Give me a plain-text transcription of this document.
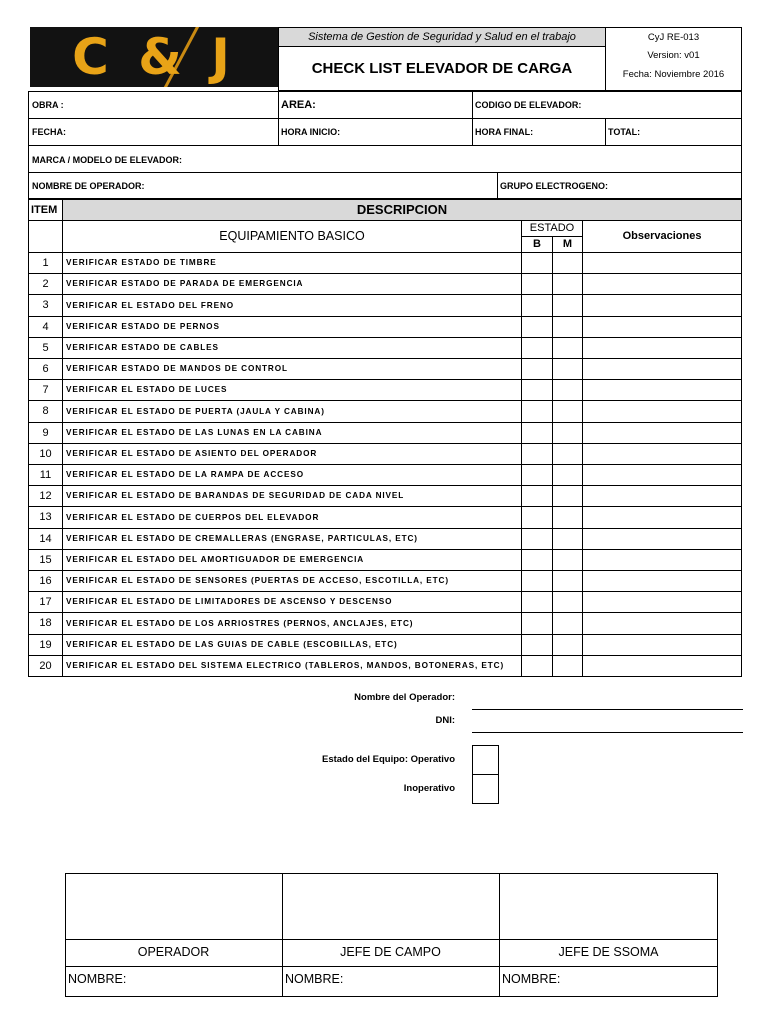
C & J	Sistema de Gestion de Seguridad y Salud en el trabajo
CHECK LIST ELEVADOR DE CARGA
CyJ RE-013
Version: v01
Fecha: Noviembre 2016
OBRA :	AREA:	CODIGO DE ELEVADOR:
FECHA:	HORA INICIO:	HORA FINAL:	TOTAL:
MARCA / MODELO DE ELEVADOR:
NOMBRE DE OPERADOR:	GRUPO ELECTROGENO:
ITEM	DESCRIPCION
EQUIPAMIENTO BASICO
ESTADO
B	M
Observaciones
1	VERIFICAR ESTADO DE TIMBRE
2	VERIFICAR ESTADO DE PARADA DE EMERGENCIA
3	VERIFICAR EL ESTADO DEL FRENO
4	VERIFICAR ESTADO DE PERNOS
5	VERIFICAR ESTADO DE CABLES
6	VERIFICAR ESTADO DE MANDOS DE CONTROL
7	VERIFICAR EL ESTADO DE LUCES
8	VERIFICAR EL ESTADO DE PUERTA (JAULA Y CABINA)
9	VERIFICAR EL ESTADO DE LAS LUNAS EN LA CABINA
10	VERIFICAR EL ESTADO DE ASIENTO DEL OPERADOR
11	VERIFICAR EL ESTADO DE LA RAMPA DE ACCESO
12	VERIFICAR EL ESTADO DE BARANDAS DE SEGURIDAD DE CADA NIVEL
13	VERIFICAR EL ESTADO DE CUERPOS DEL ELEVADOR
14	VERIFICAR EL ESTADO DE CREMALLERAS (ENGRASE, PARTICULAS, ETC)
15	VERIFICAR EL ESTADO DEL AMORTIGUADOR DE EMERGENCIA
16	VERIFICAR EL ESTADO DE SENSORES (PUERTAS DE ACCESO, ESCOTILLA, ETC)
17	VERIFICAR EL ESTADO DE LIMITADORES DE ASCENSO Y DESCENSO
18	VERIFICAR EL ESTADO DE LOS ARRIOSTRES (PERNOS, ANCLAJES, ETC)
19	VERIFICAR EL ESTADO DE LAS GUIAS DE CABLE (ESCOBILLAS, ETC)
20	VERIFICAR EL ESTADO DEL SISTEMA ELECTRICO (TABLEROS, MANDOS, BOTONERAS, ETC)
Nombre del Operador:
DNI:
Estado del Equipo: Operativo
Inoperativo
OPERADOR	JEFE DE CAMPO	JEFE DE SSOMA
NOMBRE:	NOMBRE:	NOMBRE:
